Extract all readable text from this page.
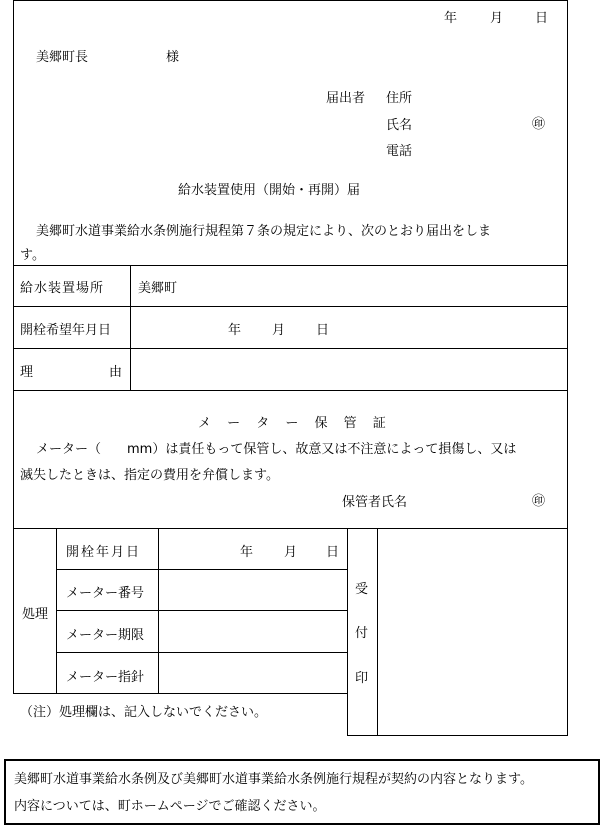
年	月 日
美郷町長	様
届出者 住所
氏名	㊞
電話
給水装置使用（開始・再開）届
美郷町水道事業給水条例施行規程第７条の規定により、次のとおり届出をしま
す。
給水装置場所	美郷町
開栓希望年月日	年 月 日
理	由
メ ー タ ー 保 管 証
メーター（　　mm）は責任もって保管し、故意又は不注意によって損傷し、又は
滅失したときは、指定の費用を弁償します。
保管者氏名	㊞
処理
開栓年月日	年 月 日
メーター番号
メーター期限
メーター指針
受
付
印
（注）処理欄は、記入しないでください。
美郷町水道事業給水条例及び美郷町水道事業給水条例施行規程が契約の内容となります。
内容については、町ホームページでご確認ください。
